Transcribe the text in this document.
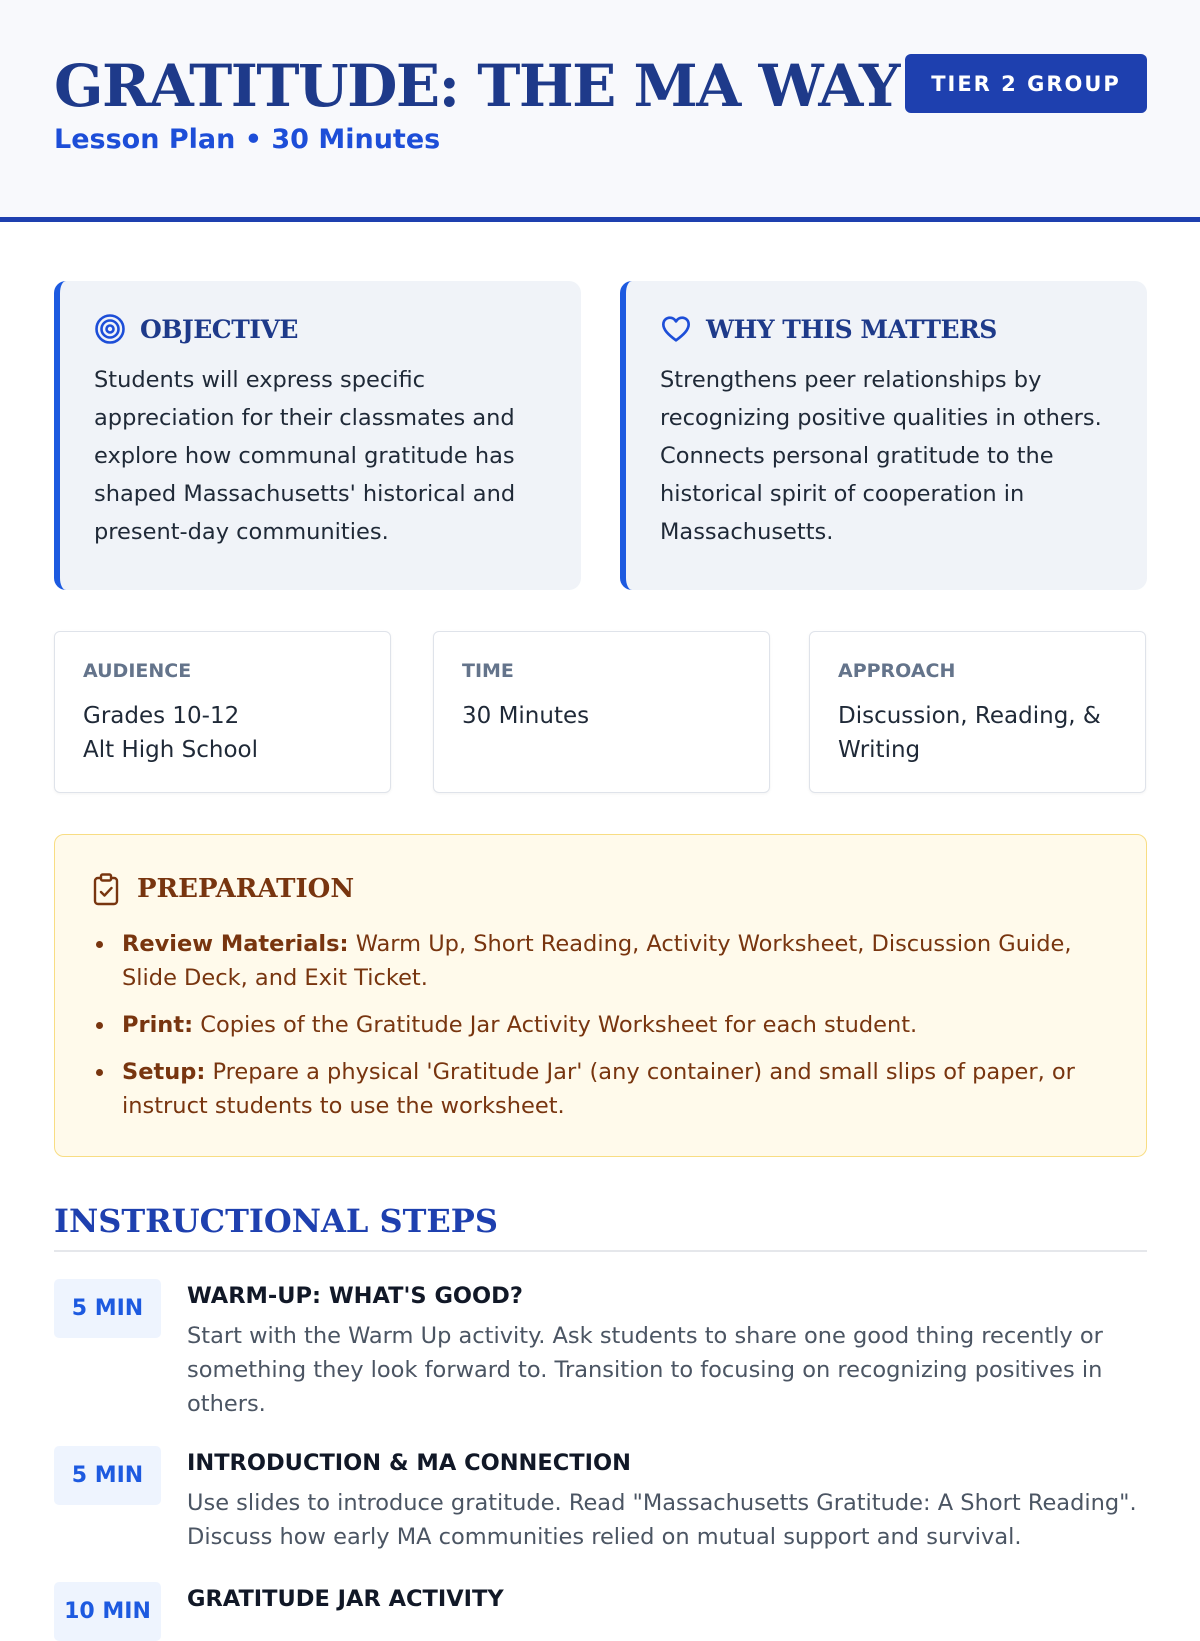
GRATITUDE: THE MA WAY
Lesson Plan • 30 Minutes
TIER 2 GROUP
OBJECTIVE
Students will express specific appreciation for their classmates and explore how communal gratitude has shaped Massachusetts' historical and present-day communities.
WHY THIS MATTERS
Strengthens peer relationships by recognizing positive qualities in others. Connects personal gratitude to the historical spirit of cooperation in Massachusetts.
AUDIENCE
Grades 10-12
Alt High School
TIME
30 Minutes
APPROACH
Discussion, Reading, &
Writing
PREPARATION
Review Materials: Warm Up, Short Reading, Activity Worksheet, Discussion Guide, Slide Deck, and Exit Ticket.
Print: Copies of the Gratitude Jar Activity Worksheet for each student.
Setup: Prepare a physical 'Gratitude Jar' (any container) and small slips of paper, or instruct students to use the worksheet.
INSTRUCTIONAL STEPS
5 MIN	WARM-UP: WHAT'S GOOD?
Start with the Warm Up activity. Ask students to share one good thing recently or something they look forward to. Transition to focusing on recognizing positives in others.
5 MIN	INTRODUCTION & MA CONNECTION
Use slides to introduce gratitude. Read "Massachusetts Gratitude: A Short Reading". Discuss how early MA communities relied on mutual support and survival.
10 MIN	GRATITUDE JAR ACTIVITY
